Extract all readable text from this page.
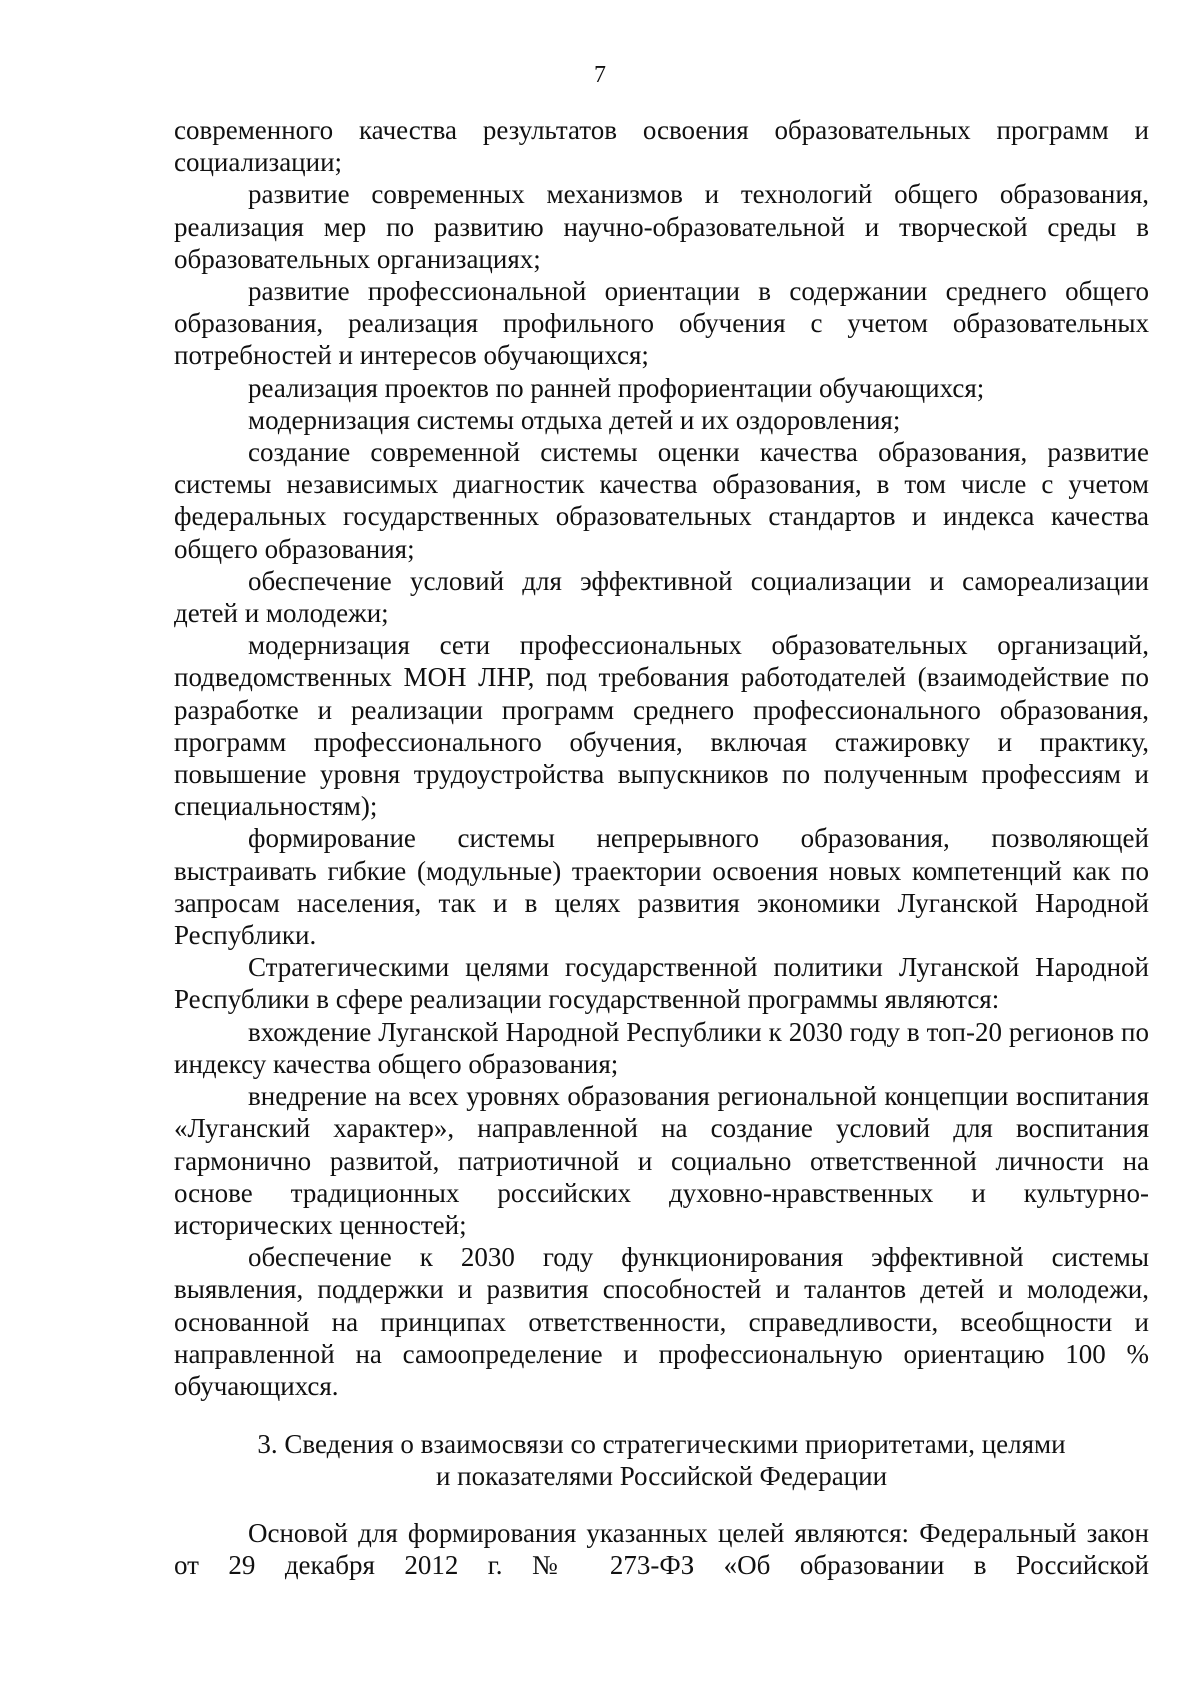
7

современного качества результатов освоения образовательных программ и социализации;

развитие современных механизмов и технологий общего образования, реализация мер по развитию научно-образовательной и творческой среды в образовательных организациях;

развитие профессиональной ориентации в содержании среднего общего образования, реализация профильного обучения с учетом образовательных потребностей и интересов обучающихся;

реализация проектов по ранней профориентации обучающихся;

модернизация системы отдыха детей и их оздоровления;

создание современной системы оценки качества образования, развитие системы независимых диагностик качества образования, в том числе с учетом федеральных государственных образовательных стандартов и индекса качества общего образования;

обеспечение условий для эффективной социализации и самореализации детей и молодежи;

модернизация сети профессиональных образовательных организаций, подведомственных МОН ЛНР, под требования работодателей (взаимодействие по разработке и реализации программ среднего профессионального образования, программ профессионального обучения, включая стажировку и практику, повышение уровня трудоустройства выпускников по полученным профессиям и специальностям);

формирование системы непрерывного образования, позволяющей выстраивать гибкие (модульные) траектории освоения новых компетенций как по запросам населения, так и в целях развития экономики Луганской Народной Республики.

Стратегическими целями государственной политики Луганской Народной Республики в сфере реализации государственной программы являются:

вхождение Луганской Народной Республики к 2030 году в топ-20 регионов по индексу качества общего образования;

внедрение на всех уровнях образования региональной концепции воспитания «Луганский характер», направленной на создание условий для воспитания гармонично развитой, патриотичной и социально ответственной личности на основе традиционных российских духовно-нравственных и культурно-исторических ценностей;

обеспечение к 2030 году функционирования эффективной системы выявления, поддержки и развития способностей и талантов детей и молодежи, основанной на принципах ответственности, справедливости, всеобщности и направленной на самоопределение и профессиональную ориентацию 100 % обучающихся.

3. Сведения о взаимосвязи со стратегическими приоритетами, целями
и показателями Российской Федерации

Основой для формирования указанных целей являются: Федеральный закон от 29 декабря 2012 г. № 273-ФЗ «Об образовании в Российской
